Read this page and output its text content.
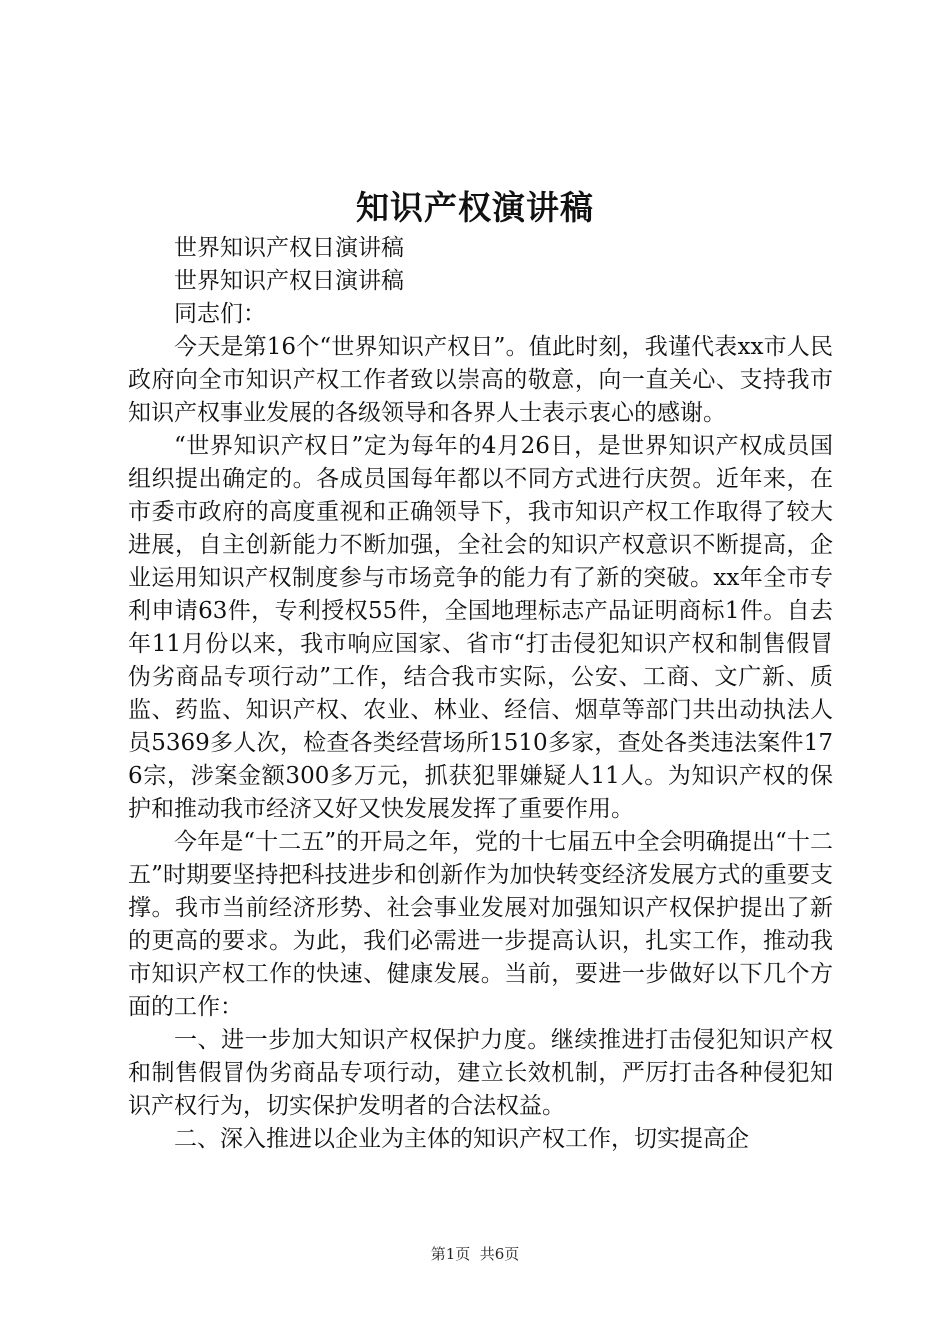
知识产权演讲稿

世界知识产权日演讲稿

世界知识产权日演讲稿

同志们：

今天是第16个“世界知识产权日”。值此时刻，我谨代表xx市人民政府向全市知识产权工作者致以崇高的敬意，向一直关心、支持我市知识产权事业发展的各级领导和各界人士表示衷心的感谢。

“世界知识产权日”定为每年的4月26日，是世界知识产权成员国组织提出确定的。各成员国每年都以不同方式进行庆贺。近年来，在市委市政府的高度重视和正确领导下，我市知识产权工作取得了较大进展，自主创新能力不断加强，全社会的知识产权意识不断提高，企业运用知识产权制度参与市场竞争的能力有了新的突破。xx年全市专利申请63件，专利授权55件，全国地理标志产品证明商标1件。自去年11月份以来，我市响应国家、省市“打击侵犯知识产权和制售假冒伪劣商品专项行动”工作，结合我市实际，公安、工商、文广新、质监、药监、知识产权、农业、林业、经信、烟草等部门共出动执法人员5369多人次，检查各类经营场所1510多家，查处各类违法案件176宗，涉案金额300多万元，抓获犯罪嫌疑人11人。为知识产权的保护和推动我市经济又好又快发展发挥了重要作用。

今年是“十二五”的开局之年，党的十七届五中全会明确提出“十二五”时期要坚持把科技进步和创新作为加快转变经济发展方式的重要支撑。我市当前经济形势、社会事业发展对加强知识产权保护提出了新的更高的要求。为此，我们必需进一步提高认识，扎实工作，推动我市知识产权工作的快速、健康发展。当前，要进一步做好以下几个方面的工作：

一、进一步加大知识产权保护力度。继续推进打击侵犯知识产权和制售假冒伪劣商品专项行动，建立长效机制，严厉打击各种侵犯知识产权行为，切实保护发明者的合法权益。

二、深入推进以企业为主体的知识产权工作，切实提高企

第1页  共6页
